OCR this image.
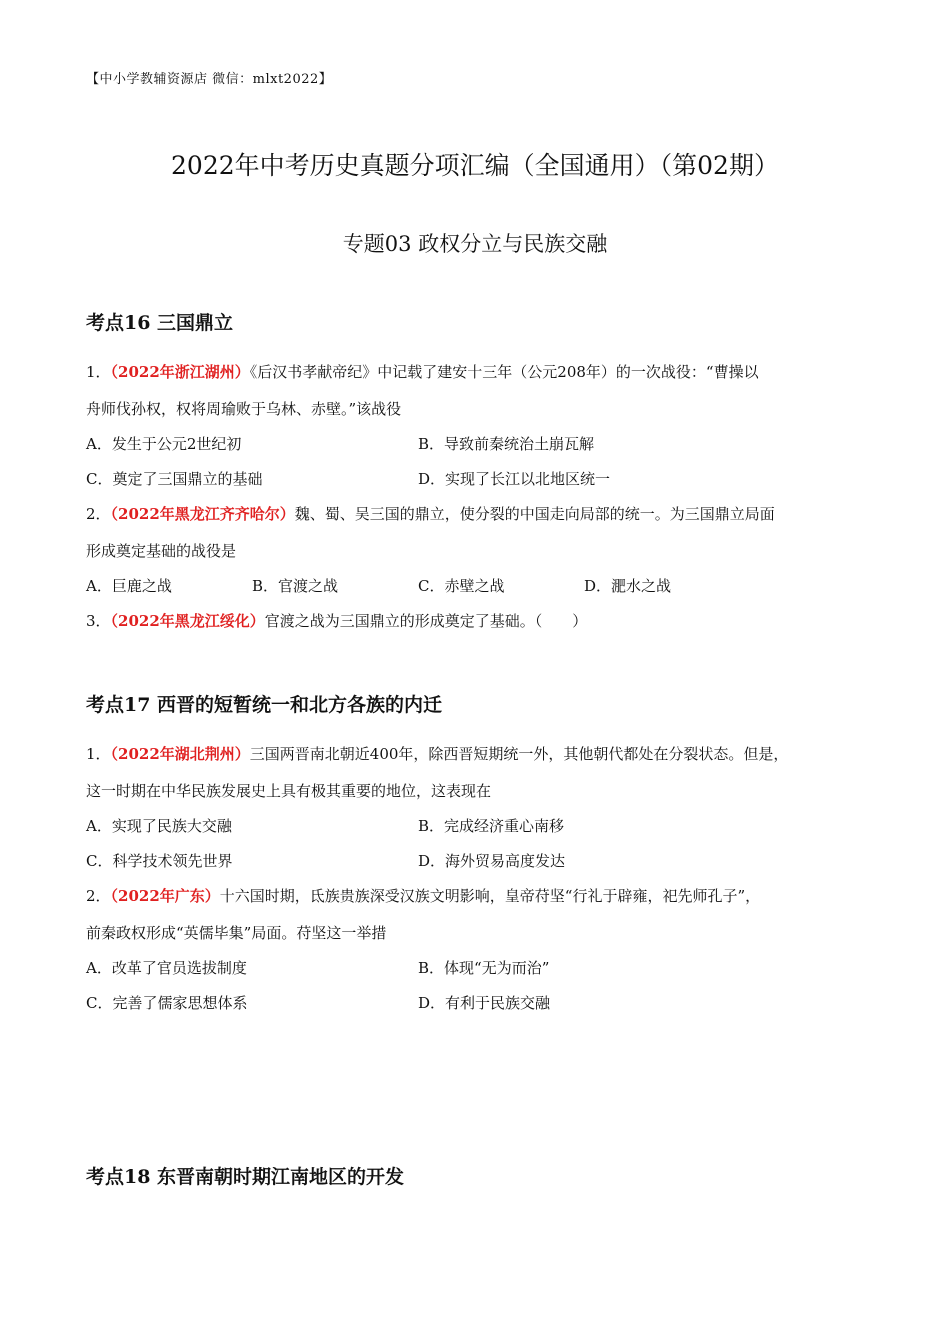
【中小学教辅资源店 微信：mlxt2022】
2022年中考历史真题分项汇编（全国通用）（第02期）
专题03 政权分立与民族交融
考点16 三国鼎立
1．（2022年浙江湖州）《后汉书孝献帝纪》中记载了建安十三年（公元208年）的一次战役：“曹操以
舟师伐孙权，权将周瑜败于乌林、赤壁。”该战役
A．发生于公元2世纪初	B．导致前秦统治土崩瓦解
C．奠定了三国鼎立的基础	D．实现了长江以北地区统一
2．（2022年黑龙江齐齐哈尔）魏、蜀、吴三国的鼎立，使分裂的中国走向局部的统一。为三国鼎立局面
形成奠定基础的战役是
A．巨鹿之战	B．官渡之战	C．赤壁之战	D．淝水之战
3．（2022年黑龙江绥化）官渡之战为三国鼎立的形成奠定了基础。（　　）
考点17 西晋的短暂统一和北方各族的内迁
1．（2022年湖北荆州）三国两晋南北朝近400年，除西晋短期统一外，其他朝代都处在分裂状态。但是，
这一时期在中华民族发展史上具有极其重要的地位，这表现在
A．实现了民族大交融	B．完成经济重心南移
C．科学技术领先世界	D．海外贸易高度发达
2．（2022年广东）十六国时期，氐族贵族深受汉族文明影响，皇帝苻坚“行礼于辟雍，祀先师孔子”，
前秦政权形成“英儒毕集”局面。苻坚这一举措
A．改革了官员选拔制度	B．体现“无为而治”
C．完善了儒家思想体系	D．有利于民族交融
考点18 东晋南朝时期江南地区的开发
